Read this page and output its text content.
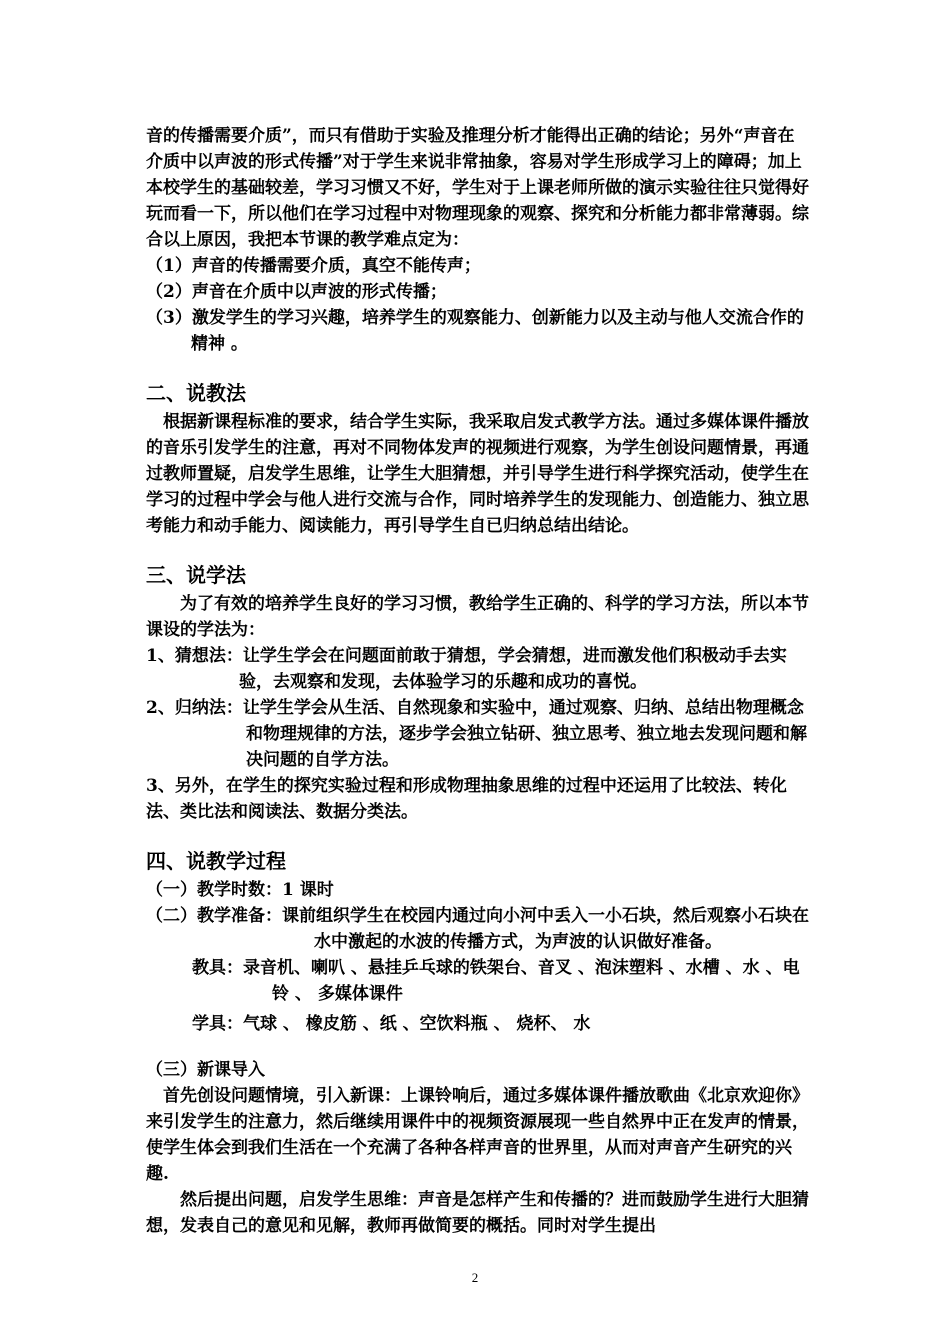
音的传播需要介质”，而只有借助于实验及推理分析才能得出正确的结论；另外“声音在介质中以声波的形式传播”对于学生来说非常抽象，容易对学生形成学习上的障碍；加上本校学生的基础较差，学习习惯又不好，学生对于上课老师所做的演示实验往往只觉得好玩而看一下，所以他们在学习过程中对物理现象的观察、探究和分析能力都非常薄弱。综合以上原因，我把本节课的教学难点定为：

（1）声音的传播需要介质，真空不能传声；

（2）声音在介质中以声波的形式传播；

（3）激发学生的学习兴趣，培养学生的观察能力、创新能力以及主动与他人交流合作的精神 。

二、说教法

根据新课程标准的要求，结合学生实际，我采取启发式教学方法。通过多媒体课件播放的音乐引发学生的注意，再对不同物体发声的视频进行观察，为学生创设问题情景，再通过教师置疑，启发学生思维，让学生大胆猜想，并引导学生进行科学探究活动，使学生在学习的过程中学会与他人进行交流与合作，同时培养学生的发现能力、创造能力、独立思考能力和动手能力、阅读能力，再引导学生自已归纳总结出结论。

三、说学法

为了有效的培养学生良好的学习习惯，教给学生正确的、科学的学习方法，所以本节课设的学法为：

1、猜想法：让学生学会在问题面前敢于猜想，学会猜想，进而激发他们积极动手去实验，去观察和发现，去体验学习的乐趣和成功的喜悦。

2、归纳法：让学生学会从生活、自然现象和实验中，通过观察、归纳、总结出物理概念和物理规律的方法，逐步学会独立钻研、独立思考、独立地去发现问题和解决问题的自学方法。

3、另外，在学生的探究实验过程和形成物理抽象思维的过程中还运用了比较法、转化法、类比法和阅读法、数据分类法。

四、说教学过程

（一）教学时数：1 课时

（二）教学准备：课前组织学生在校园内通过向小河中丢入一小石块，然后观察小石块在水中激起的水波的传播方式，为声波的认识做好准备。

教具：录音机、喇叭 、悬挂乒乓球的铁架台、音叉 、泡沫塑料 、水槽 、水 、电铃 、 多媒体课件

学具：气球 、 橡皮筋 、纸 、空饮料瓶 、 烧杯、 水

（三）新课导入

首先创设问题情境，引入新课：上课铃响后，通过多媒体课件播放歌曲《北京欢迎你》来引发学生的注意力，然后继续用课件中的视频资源展现一些自然界中正在发声的情景，使学生体会到我们生活在一个充满了各种各样声音的世界里，从而对声音产生研究的兴趣.

然后提出问题，启发学生思维：声音是怎样产生和传播的？进而鼓励学生进行大胆猜想，发表自己的意见和见解，教师再做简要的概括。同时对学生提出

2
